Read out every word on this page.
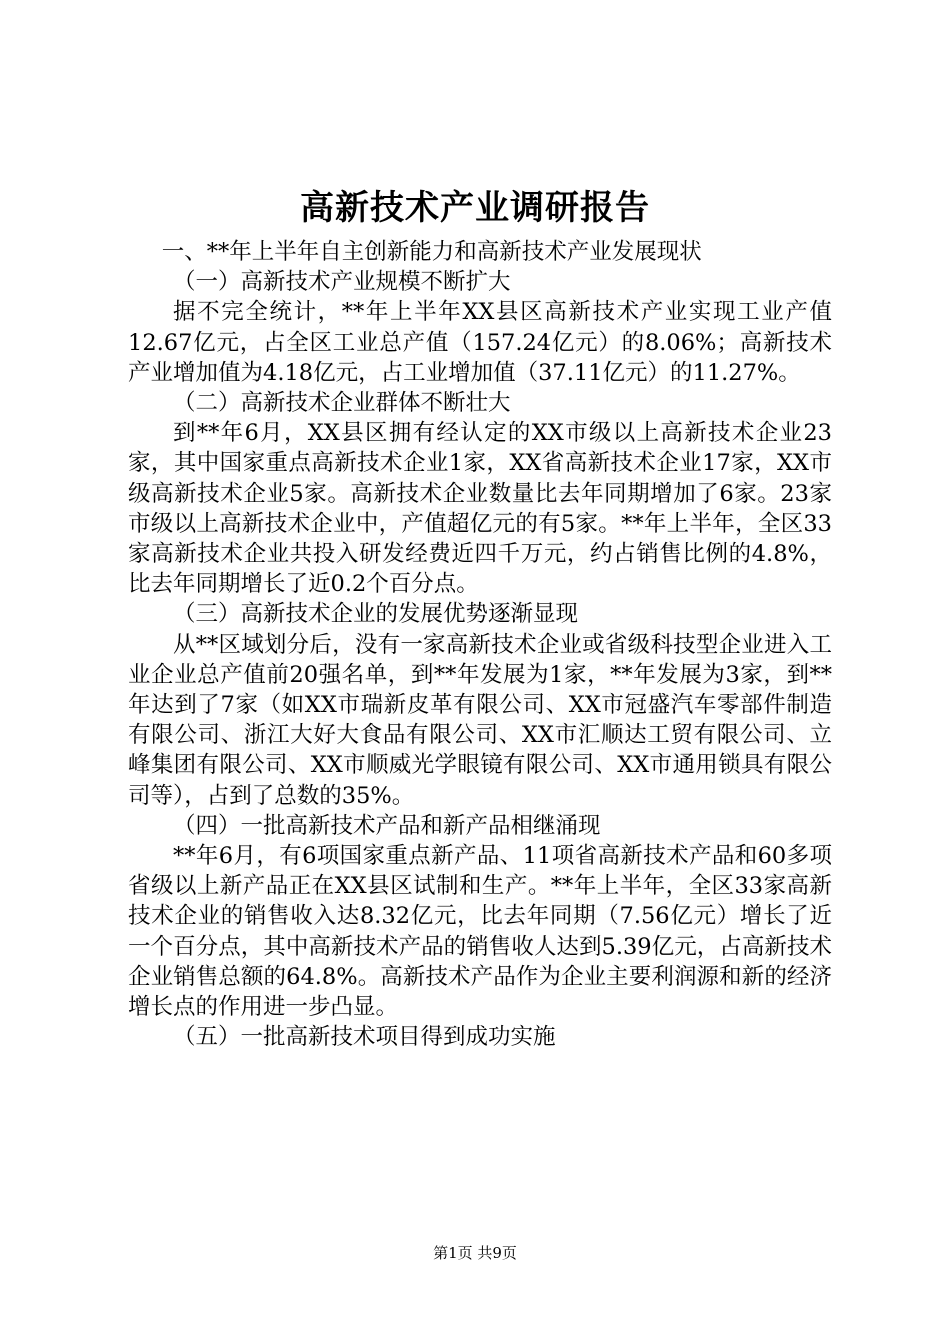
高新技术产业调研报告

一、**年上半年自主创新能力和高新技术产业发展现状

（一）高新技术产业规模不断扩大

据不完全统计，**年上半年XX县区高新技术产业实现工业产值12.67亿元，占全区工业总产值（157.24亿元）的8.06%；高新技术产业增加值为4.18亿元，占工业增加值（37.11亿元）的11.27%。

（二）高新技术企业群体不断壮大

到**年6月，XX县区拥有经认定的XX市级以上高新技术企业23家，其中国家重点高新技术企业1家，XX省高新技术企业17家，XX市级高新技术企业5家。高新技术企业数量比去年同期增加了6家。23家市级以上高新技术企业中，产值超亿元的有5家。**年上半年，全区33家高新技术企业共投入研发经费近四千万元，约占销售比例的4.8%，比去年同期增长了近0.2个百分点。

（三）高新技术企业的发展优势逐渐显现

从**区域划分后，没有一家高新技术企业或省级科技型企业进入工业企业总产值前20强名单，到**年发展为1家，**年发展为3家，到**年达到了7家（如XX市瑞新皮革有限公司、XX市冠盛汽车零部件制造有限公司、浙江大好大食品有限公司、XX市汇顺达工贸有限公司、立峰集团有限公司、XX市顺威光学眼镜有限公司、XX市通用锁具有限公司等），占到了总数的35%。

（四）一批高新技术产品和新产品相继涌现

**年6月，有6项国家重点新产品、11项省高新技术产品和60多项省级以上新产品正在XX县区试制和生产。**年上半年，全区33家高新技术企业的销售收入达8.32亿元，比去年同期（7.56亿元）增长了近一个百分点，其中高新技术产品的销售收人达到5.39亿元，占高新技术企业销售总额的64.8%。高新技术产品作为企业主要利润源和新的经济增长点的作用进一步凸显。

（五）一批高新技术项目得到成功实施

第1页 共9页
